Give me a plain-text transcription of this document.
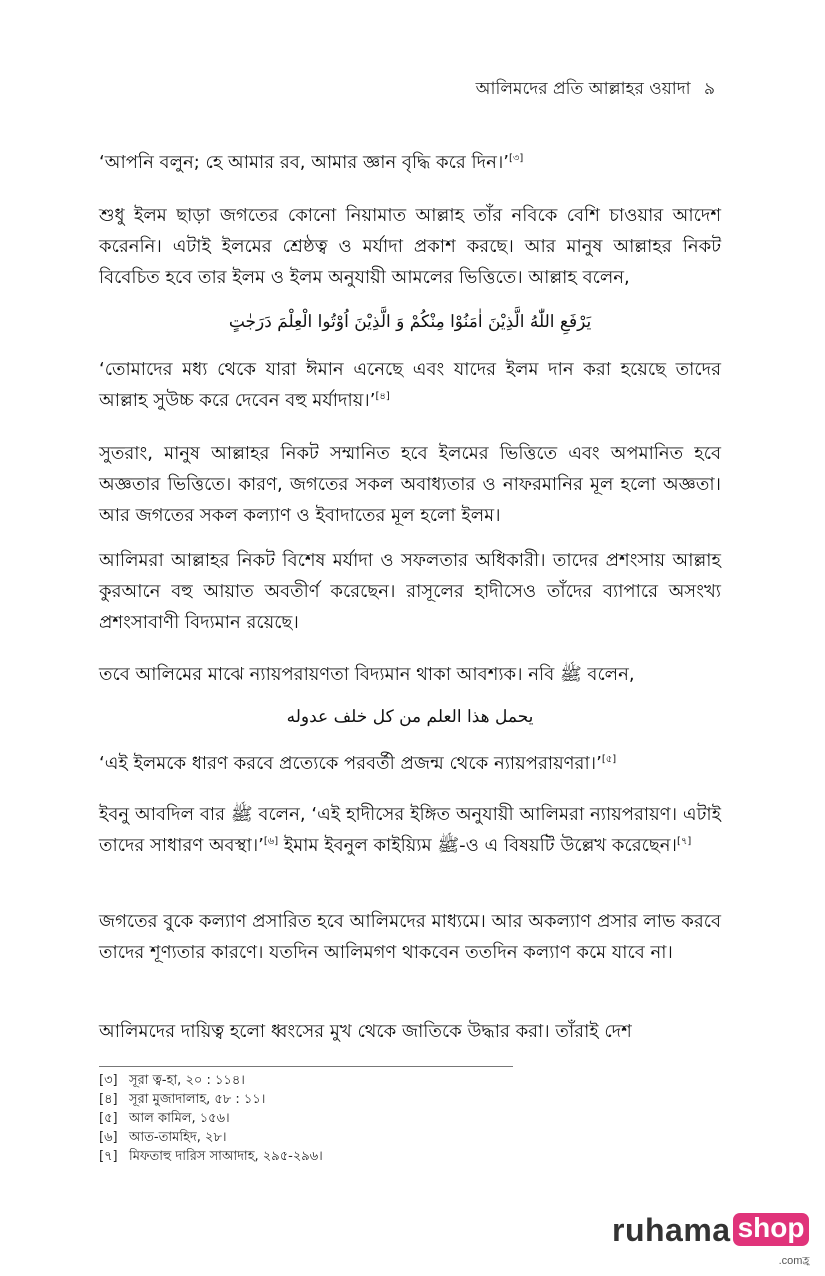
আলিমদের প্রতি আল্লাহর ওয়াদা ৯
‘আপনি বলুন; হে আমার রব, আমার জ্ঞান বৃদ্ধি করে দিন।’[৩]
শুধু ইলম ছাড়া জগতের কোনো নিয়ামাত আল্লাহ তাঁর নবিকে বেশি চাওয়ার আদেশ করেননি। এটাই ইলমের শ্রেষ্ঠত্ব ও মর্যাদা প্রকাশ করছে। আর মানুষ আল্লাহর নিকট বিবেচিত হবে তার ইলম ও ইলম অনুযায়ী আমলের ভিত্তিতে। আল্লাহ বলেন,
يَرْفَعِ اللّٰهُ الَّذِيْنَ اٰمَنُوْا مِنْكُمْ وَ الَّذِيْنَ اُوْتُوا الْعِلْمَ دَرَجٰتٍ
‘তোমাদের মধ্য থেকে যারা ঈমান এনেছে এবং যাদের ইলম দান করা হয়েছে তাদের আল্লাহ সুউচ্চ করে দেবেন বহু মর্যাদায়।’[৪]
সুতরাং, মানুষ আল্লাহর নিকট সম্মানিত হবে ইলমের ভিত্তিতে এবং অপমানিত হবে অজ্ঞতার ভিত্তিতে। কারণ, জগতের সকল অবাধ্যতার ও নাফরমানির মূল হলো অজ্ঞতা। আর জগতের সকল কল্যাণ ও ইবাদাতের মূল হলো ইলম।
আলিমরা আল্লাহর নিকট বিশেষ মর্যাদা ও সফলতার অধিকারী। তাদের প্রশংসায় আল্লাহ কুরআনে বহু আয়াত অবতীর্ণ করেছেন। রাসূলের হাদীসেও তাঁদের ব্যাপারে অসংখ্য প্রশংসাবাণী বিদ্যমান রয়েছে।
তবে আলিমের মাঝে ন্যায়পরায়ণতা বিদ্যমান থাকা আবশ্যক। নবি ﷺ বলেন,
يحمل هذا العلم من كل خلف عدوله
‘এই ইলমকে ধারণ করবে প্রত্যেকে পরবর্তী প্রজন্ম থেকে ন্যায়পরায়ণরা।’[৫]
ইবনু আবদিল বার ﷺ বলেন, ‘এই হাদীসের ইঙ্গিত অনুযায়ী আলিমরা ন্যায়পরায়ণ। এটাই তাদের সাধারণ অবস্থা।’[৬] ইমাম ইবনুল কাইয়্যিম ﷺ-ও এ বিষয়টি উল্লেখ করেছেন।[৭]
জগতের বুকে কল্যাণ প্রসারিত হবে আলিমদের মাধ্যমে। আর অকল্যাণ প্রসার লাভ করবে তাদের শূণ্যতার কারণে। যতদিন আলিমগণ থাকবেন ততদিন কল্যাণ কমে যাবে না।
আলিমদের দায়িত্ব হলো ধ্বংসের মুখ থেকে জাতিকে উদ্ধার করা। তাঁরাই দেশ
[৩] সূরা ত্ব-হা, ২০ : ১১৪।
[৪] সূরা মুজাদালাহ, ৫৮ : ১১।
[৫] আল কামিল, ১৫৬।
[৬] আত-তামহিদ, ২৮।
[৭] মিফতাহু দারিস সাআদাহ, ২৯৫-২৯৬।
ruhama shop
.comহ্ৰ
